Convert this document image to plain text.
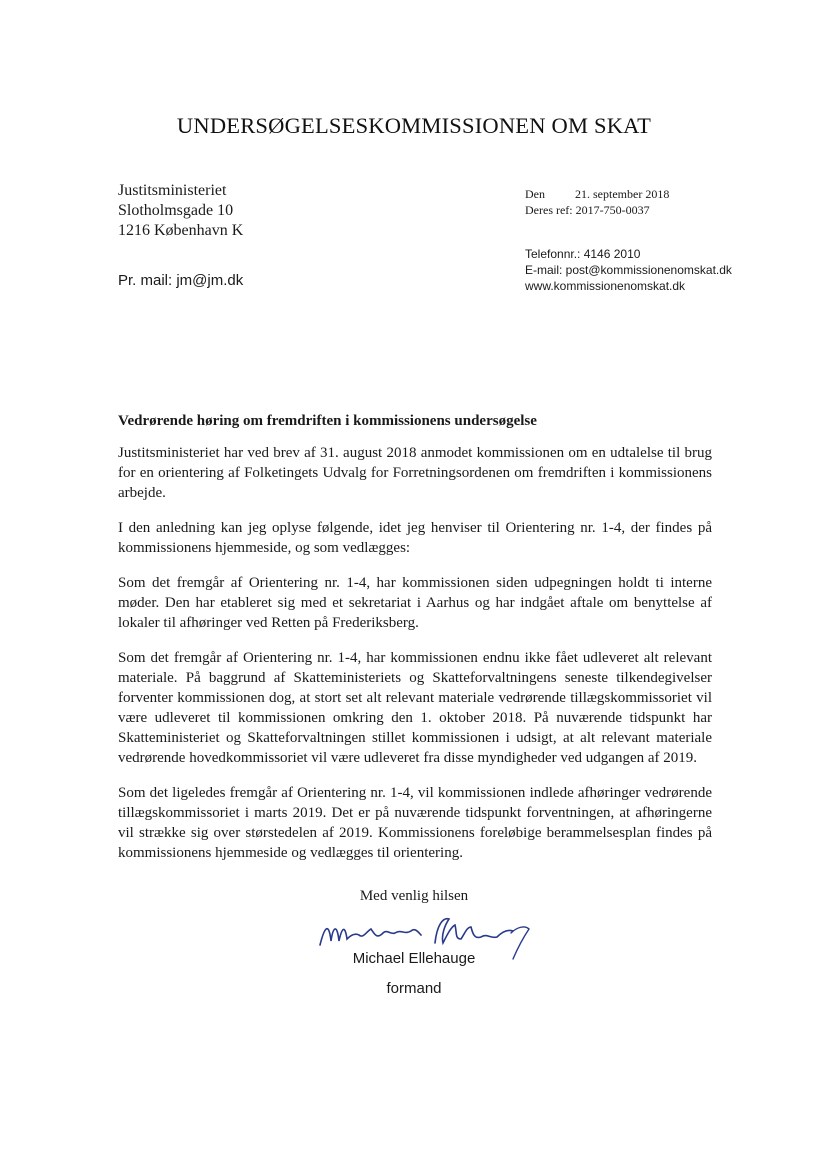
UNDERSØGELSESKOMMISSIONEN OM SKAT
Justitsministeriet
Slotholmsgade 10
1216 København K
Pr. mail: jm@jm.dk
Den	21. september 2018
Deres ref: 2017-750-0037
Telefonnr.: 4146 2010
E-mail: post@kommissionenomskat.dk
www.kommissionenomskat.dk
Vedrørende høring om fremdriften i kommissionens undersøgelse

Justitsministeriet har ved brev af 31. august 2018 anmodet kommissionen om en udtalelse til brug for en orientering af Folketingets Udvalg for Forretningsordenen om fremdriften i kommissionens arbejde.

I den anledning kan jeg oplyse følgende, idet jeg henviser til Orientering nr. 1-4, der findes på kommissionens hjemmeside, og som vedlægges:

Som det fremgår af Orientering nr. 1-4, har kommissionen siden udpegningen holdt ti interne møder. Den har etableret sig med et sekretariat i Aarhus og har indgået aftale om benyttelse af lokaler til afhøringer ved Retten på Frederiksberg.

Som det fremgår af Orientering nr. 1-4, har kommissionen endnu ikke fået udleveret alt relevant materiale. På baggrund af Skatteministeriets og Skatteforvaltningens seneste tilkendegivelser forventer kommissionen dog, at stort set alt relevant materiale vedrørende tillægskommissoriet vil være udleveret til kommissionen omkring den 1. oktober 2018. På nuværende tidspunkt har Skatteministeriet og Skatteforvaltningen stillet kommissionen i udsigt, at alt relevant materiale vedrørende hovedkommissoriet vil være udleveret fra disse myndigheder ved udgangen af 2019.

Som det ligeledes fremgår af Orientering nr. 1-4, vil kommissionen indlede afhøringer vedrørende tillægskommissoriet i marts 2019. Det er på nuværende tidspunkt forventningen, at afhøringerne vil strække sig over størstedelen af 2019. Kommissionens foreløbige berammelsesplan findes på kommissionens hjemmeside og vedlægges til orientering.

Med venlig hilsen
Michael Ellehauge
formand
